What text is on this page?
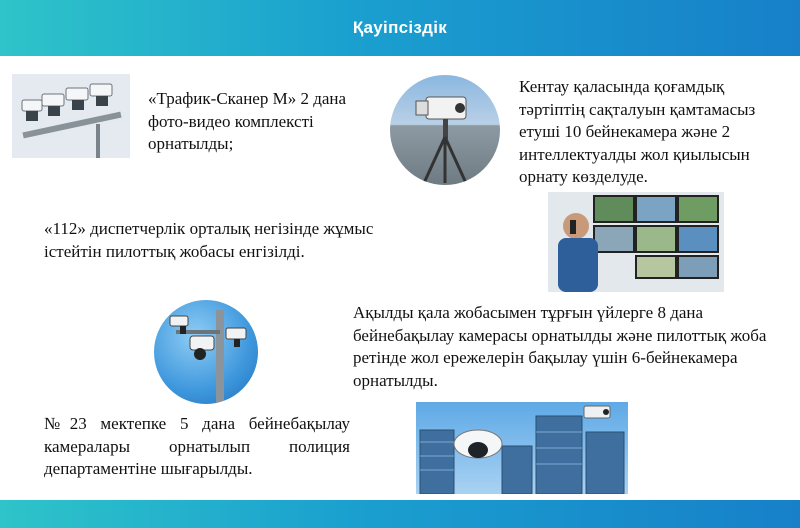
Қауіпсіздік
«Трафик-Сканер М» 2 дана фото-видео комплексті орнатылды;
Кентау қаласында қоғамдық тәртіптің сақталуын қамтамасыз етуші 10 бейнекамера және 2 интеллектуалды жол қиылысын орнату көзделуде.
«112» диспетчерлік орталық негізінде жұмыс істейтін пилоттық жобасы енгізілді.
Ақылды қала жобасымен тұрғын үйлерге 8 дана бейнебақылау камерасы орнатылды және пилоттық жоба ретінде жол ережелерін бақылау үшін 6-бейнекамера орнатылды.
№23 мектепке 5 дана бейнебақылау камералары орнатылып полиция департаментіне шығарылды.
